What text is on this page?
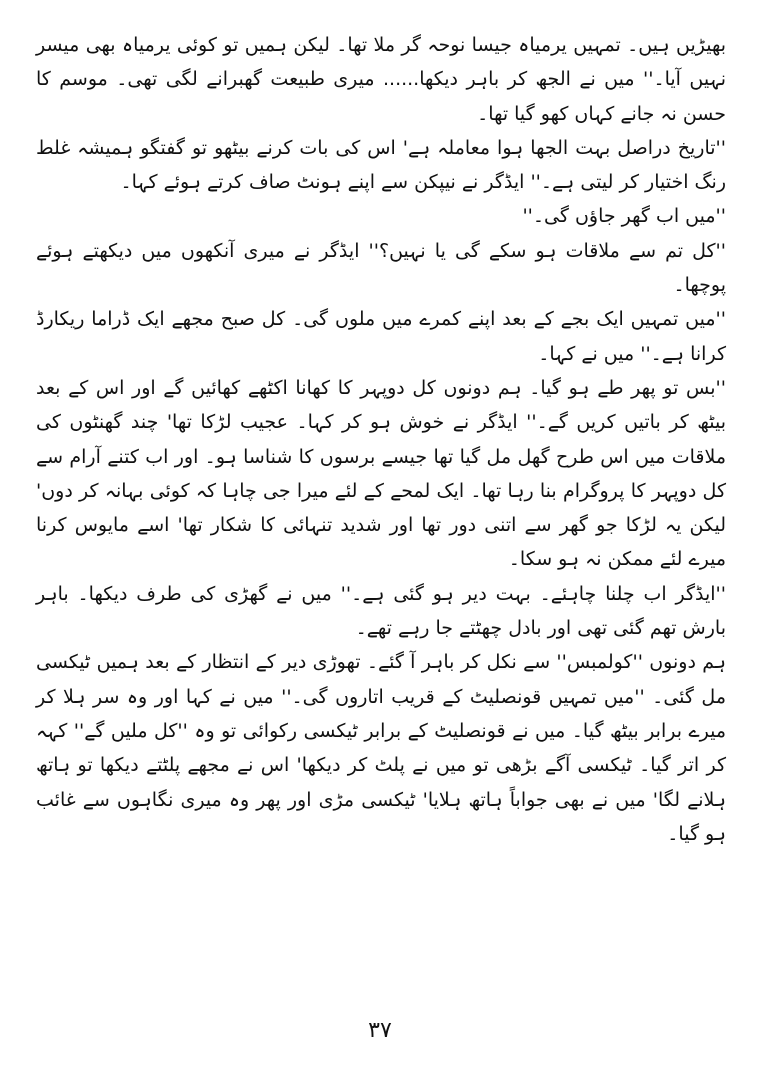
بھیڑیں ہیں۔ تمہیں یرمیاہ جیسا نوحہ گر ملا تھا۔ لیکن ہمیں تو کوئی یرمیاہ بھی میسر نہیں آیا۔'' میں نے الجھ کر باہر دیکھا...... میری طبیعت گھبرانے لگی تھی۔ موسم کا حسن نہ جانے کہاں کھو گیا تھا۔

''تاریخ دراصل بہت الجھا ہوا معاملہ ہے' اس کی بات کرنے بیٹھو تو گفتگو ہمیشہ غلط رنگ اختیار کر لیتی ہے۔'' ایڈگر نے نیپکن سے اپنے ہونٹ صاف کرتے ہوئے کہا۔

''میں اب گھر جاؤں گی۔''

''کل تم سے ملاقات ہو سکے گی یا نہیں؟'' ایڈگر نے میری آنکھوں میں دیکھتے ہوئے پوچھا۔

''میں تمہیں ایک بجے کے بعد اپنے کمرے میں ملوں گی۔ کل صبح مجھے ایک ڈراما ریکارڈ کرانا ہے۔'' میں نے کہا۔

''بس تو پھر طے ہو گیا۔ ہم دونوں کل دوپہر کا کھانا اکٹھے کھائیں گے اور اس کے بعد بیٹھ کر باتیں کریں گے۔'' ایڈگر نے خوش ہو کر کہا۔ عجیب لڑکا تھا' چند گھنٹوں کی ملاقات میں اس طرح گھل مل گیا تھا جیسے برسوں کا شناسا ہو۔ اور اب کتنے آرام سے کل دوپہر کا پروگرام بنا رہا تھا۔ ایک لمحے کے لئے میرا جی چاہا کہ کوئی بہانہ کر دوں' لیکن یہ لڑکا جو گھر سے اتنی دور تھا اور شدید تنہائی کا شکار تھا' اسے مایوس کرنا میرے لئے ممکن نہ ہو سکا۔

''ایڈگر اب چلنا چاہئے۔ بہت دیر ہو گئی ہے۔'' میں نے گھڑی کی طرف دیکھا۔ باہر بارش تھم گئی تھی اور بادل چھٹتے جا رہے تھے۔

ہم دونوں ''کولمبس'' سے نکل کر باہر آ گئے۔ تھوڑی دیر کے انتظار کے بعد ہمیں ٹیکسی مل گئی۔ ''میں تمہیں قونصلیٹ کے قریب اتاروں گی۔'' میں نے کہا اور وہ سر ہلا کر میرے برابر بیٹھ گیا۔ میں نے قونصلیٹ کے برابر ٹیکسی رکوائی تو وہ ''کل ملیں گے'' کہہ کر اتر گیا۔ ٹیکسی آگے بڑھی تو میں نے پلٹ کر دیکھا' اس نے مجھے پلٹتے دیکھا تو ہاتھ ہلانے لگا' میں نے بھی جواباً ہاتھ ہلایا' ٹیکسی مڑی اور پھر وہ میری نگاہوں سے غائب ہو گیا۔

۳۷
